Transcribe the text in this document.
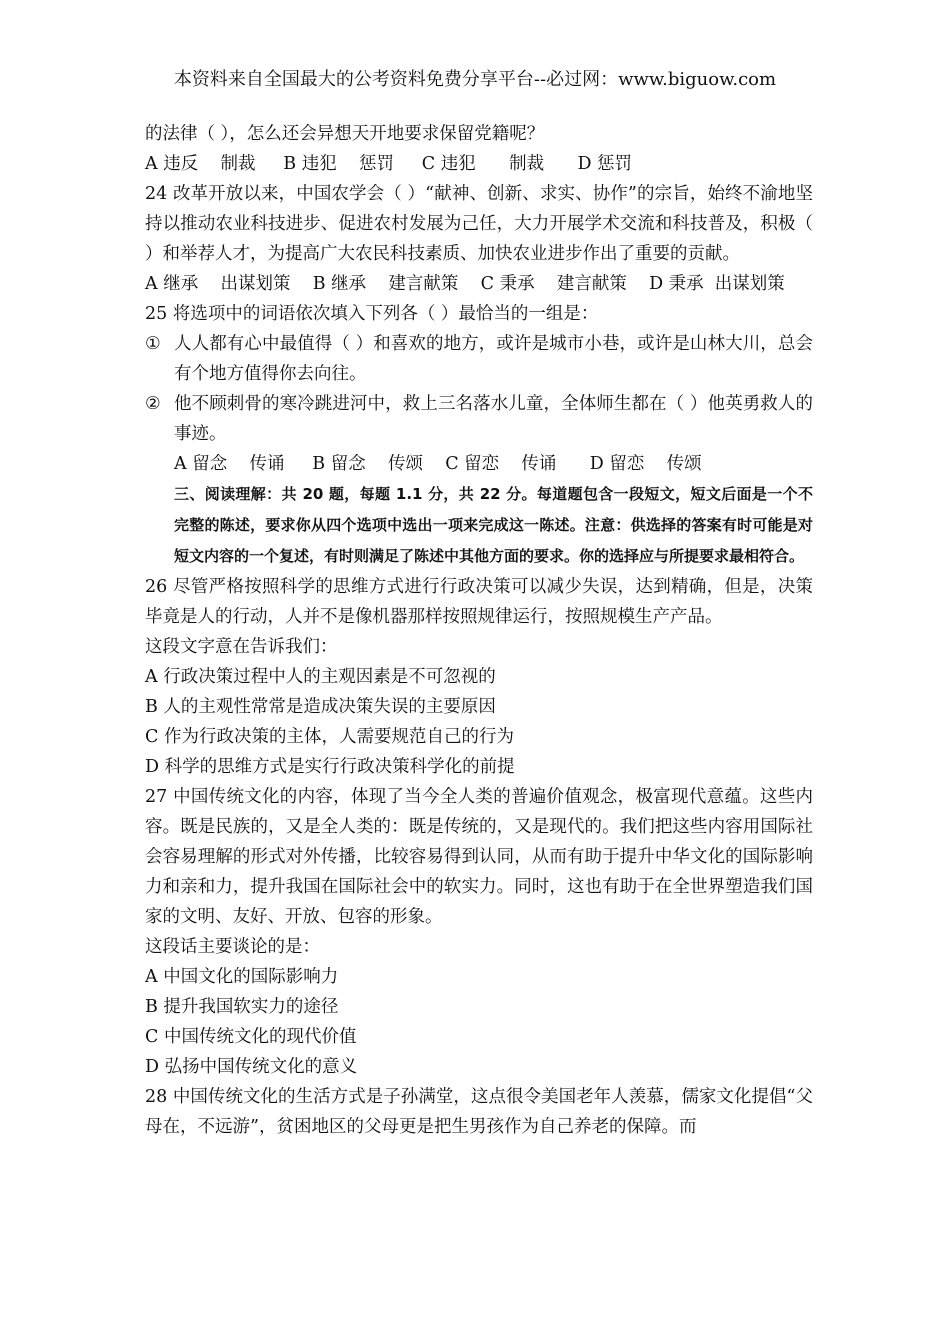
本资料来自全国最大的公考资料免费分享平台--必过网：www.biguow.com

的法律（ ），怎么还会异想天开地要求保留党籍呢？

A 违反    制裁     B 违犯    惩罚     C 违犯      制裁      D 惩罚

24 改革开放以来，中国农学会（ ）“献神、创新、求实、协作”的宗旨，始终不渝地坚持以推动农业科技进步、促进农村发展为己任，大力开展学术交流和科技普及，积极（ ）和举荐人才，为提高广大农民科技素质、加快农业进步作出了重要的贡献。

A 继承    出谋划策    B 继承    建言献策    C 秉承    建言献策    D 秉承  出谋划策

25 将选项中的词语依次填入下列各（ ）最恰当的一组是：

① 人人都有心中最值得（ ）和喜欢的地方，或许是城市小巷，或许是山林大川，总会有个地方值得你去向往。
② 他不顾刺骨的寒冷跳进河中，救上三名落水儿童，全体师生都在（ ）他英勇救人的事迹。

A 留念    传诵     B 留念    传颂    C 留恋    传诵      D 留恋    传颂

三、阅读理解：共 20 题，每题 1.1 分，共 22 分。每道题包含一段短文，短文后面是一个不完整的陈述，要求你从四个选项中选出一项来完成这一陈述。注意：供选择的答案有时可能是对短文内容的一个复述，有时则满足了陈述中其他方面的要求。你的选择应与所提要求最相符合。

26 尽管严格按照科学的思维方式进行行政决策可以减少失误，达到精确，但是，决策毕竟是人的行动，人并不是像机器那样按照规律运行，按照规模生产产品。

这段文字意在告诉我们：

A 行政决策过程中人的主观因素是不可忽视的

B 人的主观性常常是造成决策失误的主要原因

C 作为行政决策的主体，人需要规范自己的行为

D 科学的思维方式是实行行政决策科学化的前提

27 中国传统文化的内容，体现了当今全人类的普遍价值观念，极富现代意蕴。这些内容。既是民族的，又是全人类的：既是传统的，又是现代的。我们把这些内容用国际社会容易理解的形式对外传播，比较容易得到认同，从而有助于提升中华文化的国际影响力和亲和力，提升我国在国际社会中的软实力。同时，这也有助于在全世界塑造我们国家的文明、友好、开放、包容的形象。

这段话主要谈论的是：

A 中国文化的国际影响力

B 提升我国软实力的途径

C 中国传统文化的现代价值

D 弘扬中国传统文化的意义

28 中国传统文化的生活方式是子孙满堂，这点很令美国老年人羡慕，儒家文化提倡“父母在，不远游”，贫困地区的父母更是把生男孩作为自己养老的保障。而
